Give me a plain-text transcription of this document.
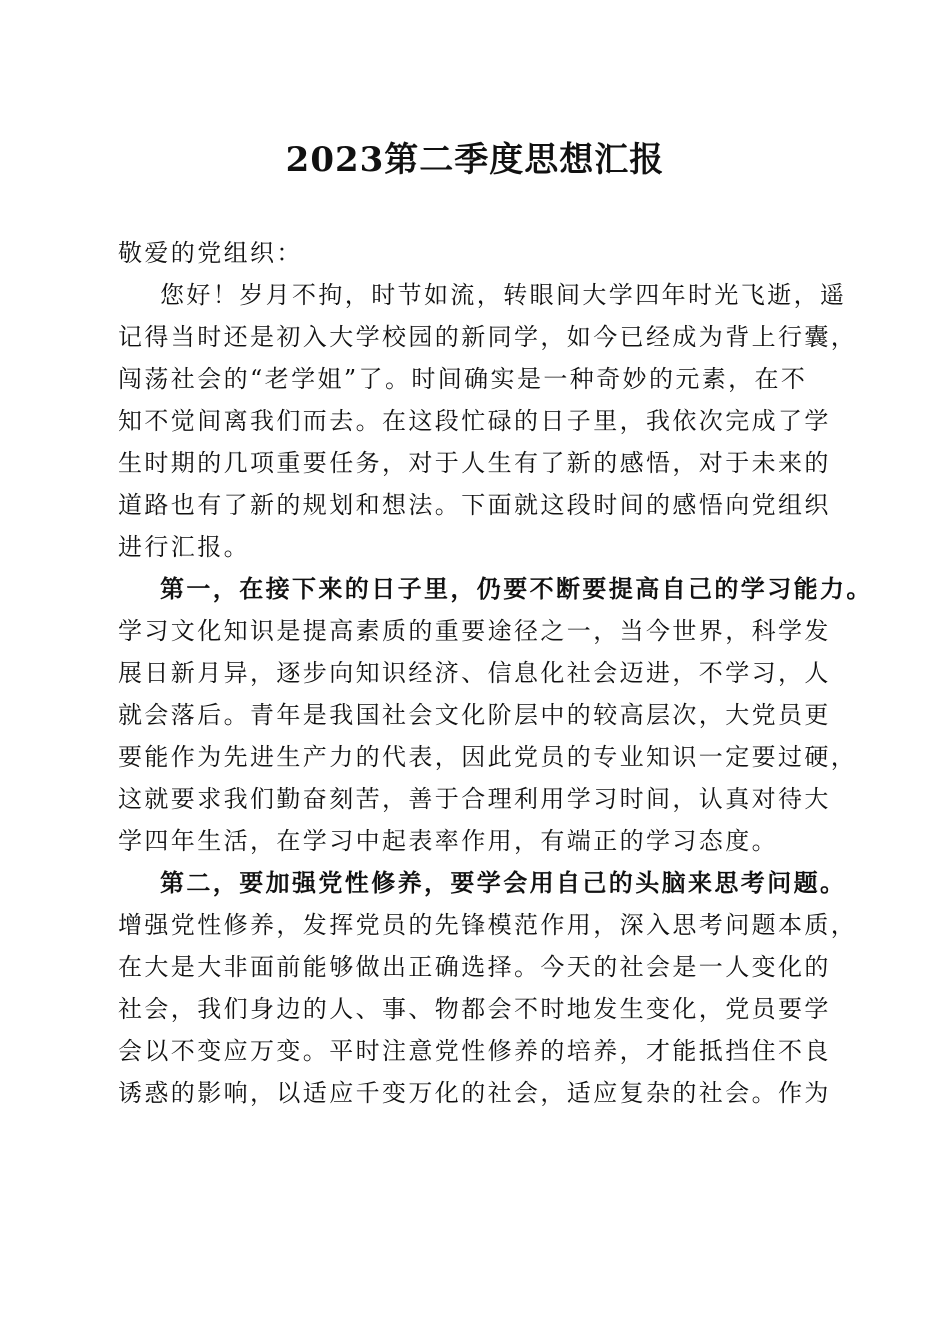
2023第二季度思想汇报

敬爱的党组织：

您好！岁月不拘，时节如流，转眼间大学四年时光飞逝，遥
记得当时还是初入大学校园的新同学，如今已经成为背上行囊，
闯荡社会的“老学姐”了。时间确实是一种奇妙的元素，在不
知不觉间离我们而去。在这段忙碌的日子里，我依次完成了学
生时期的几项重要任务，对于人生有了新的感悟，对于未来的
道路也有了新的规划和想法。下面就这段时间的感悟向党组织
进行汇报。
第一，在接下来的日子里，仍要不断要提高自己的学习能力。
学习文化知识是提高素质的重要途径之一，当今世界，科学发
展日新月异，逐步向知识经济、信息化社会迈进，不学习，人
就会落后。青年是我国社会文化阶层中的较高层次，大党员更
要能作为先进生产力的代表，因此党员的专业知识一定要过硬，
这就要求我们勤奋刻苦，善于合理利用学习时间，认真对待大
学四年生活，在学习中起表率作用，有端正的学习态度。
第二，要加强党性修养，要学会用自己的头脑来思考问题。
增强党性修养，发挥党员的先锋模范作用，深入思考问题本质，
在大是大非面前能够做出正确选择。今天的社会是一人变化的
社会，我们身边的人、事、物都会不时地发生变化，党员要学
会以不变应万变。平时注意党性修养的培养，才能抵挡住不良
诱惑的影响，以适应千变万化的社会，适应复杂的社会。作为
